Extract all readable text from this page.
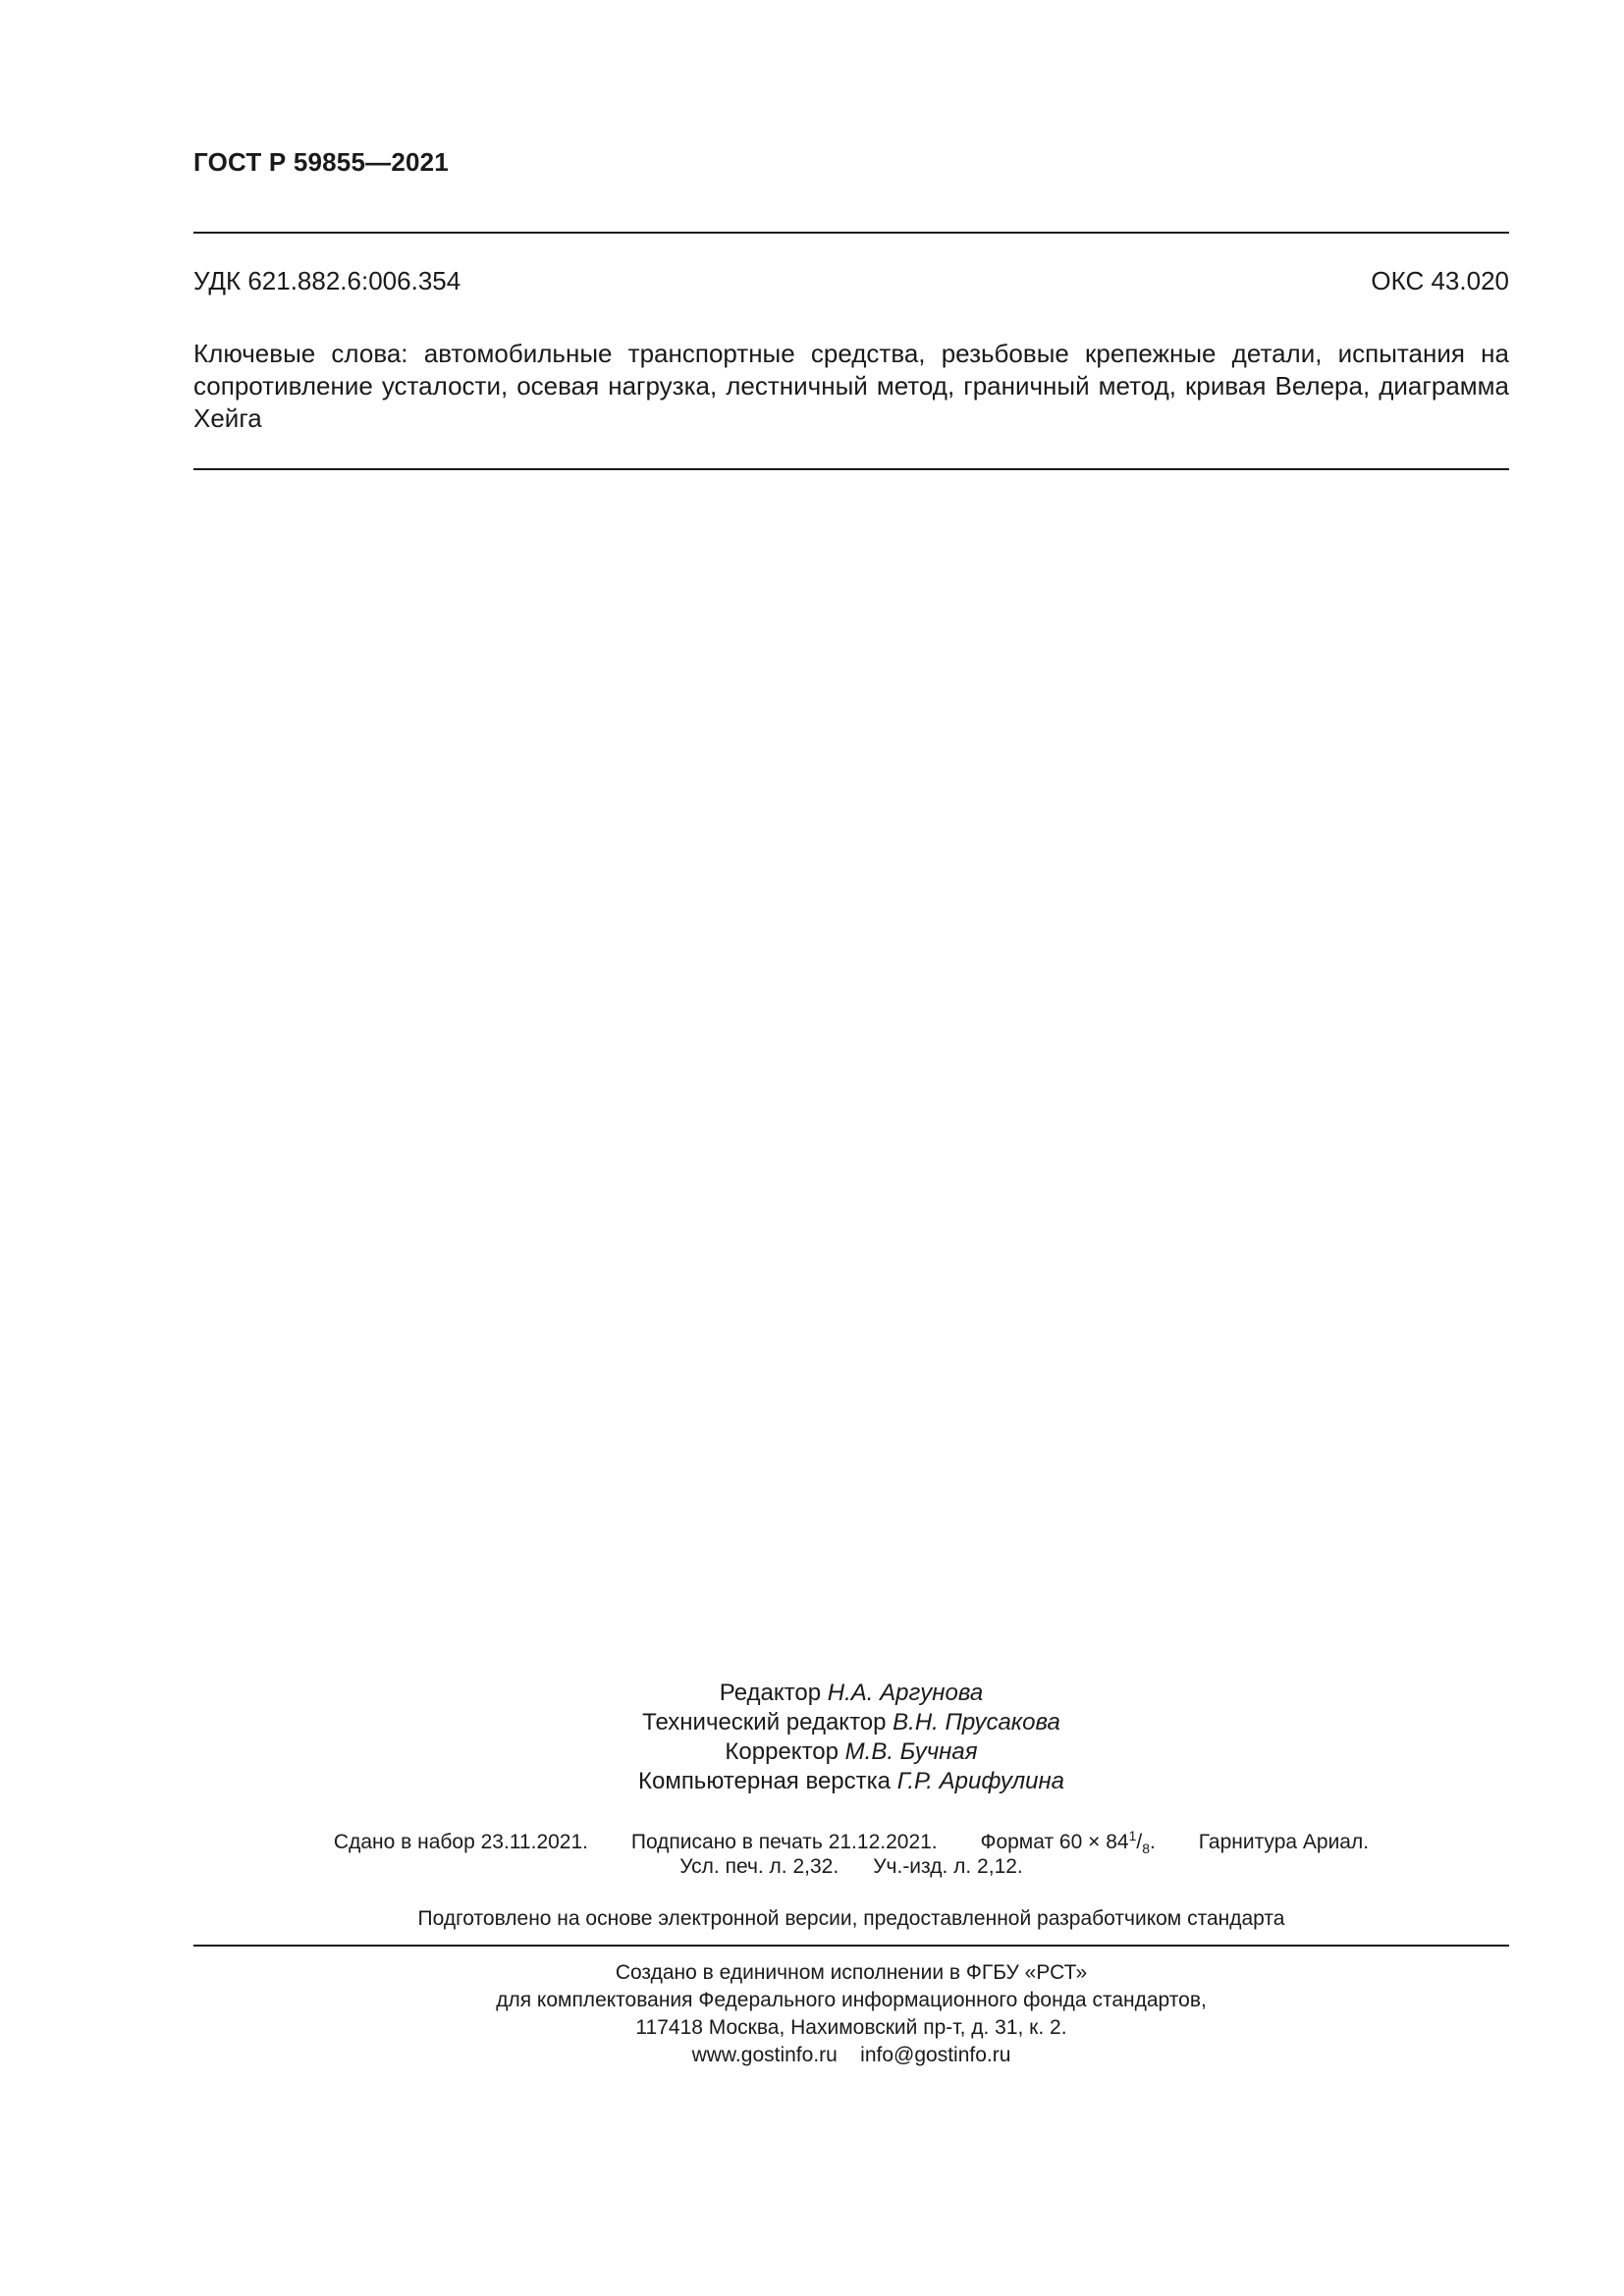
ГОСТ Р 59855—2021
УДК 621.882.6:006.354	ОКС 43.020
Ключевые слова: автомобильные транспортные средства, резьбовые крепежные детали, испытания на сопротивление усталости, осевая нагрузка, лестничный метод, граничный метод, кривая Велера, диаграмма Хейга
Редактор Н.А. Аргунова
Технический редактор В.Н. Прусакова
Корректор М.В. Бучная
Компьютерная верстка Г.Р. Арифулина
Сдано в набор 23.11.2021. Подписано в печать 21.12.2021. Формат $60 \times 84^1/_8$. Гарнитура Ариал.
Усл. печ. л. 2,32. Уч.-изд. л. 2,12.
Подготовлено на основе электронной версии, предоставленной разработчиком стандарта
Создано в единичном исполнении в ФГБУ «РСТ»
для комплектования Федерального информационного фонда стандартов,
117418 Москва, Нахимовский пр-т, д. 31, к. 2.
www.gostinfo.ru info@gostinfo.ru
